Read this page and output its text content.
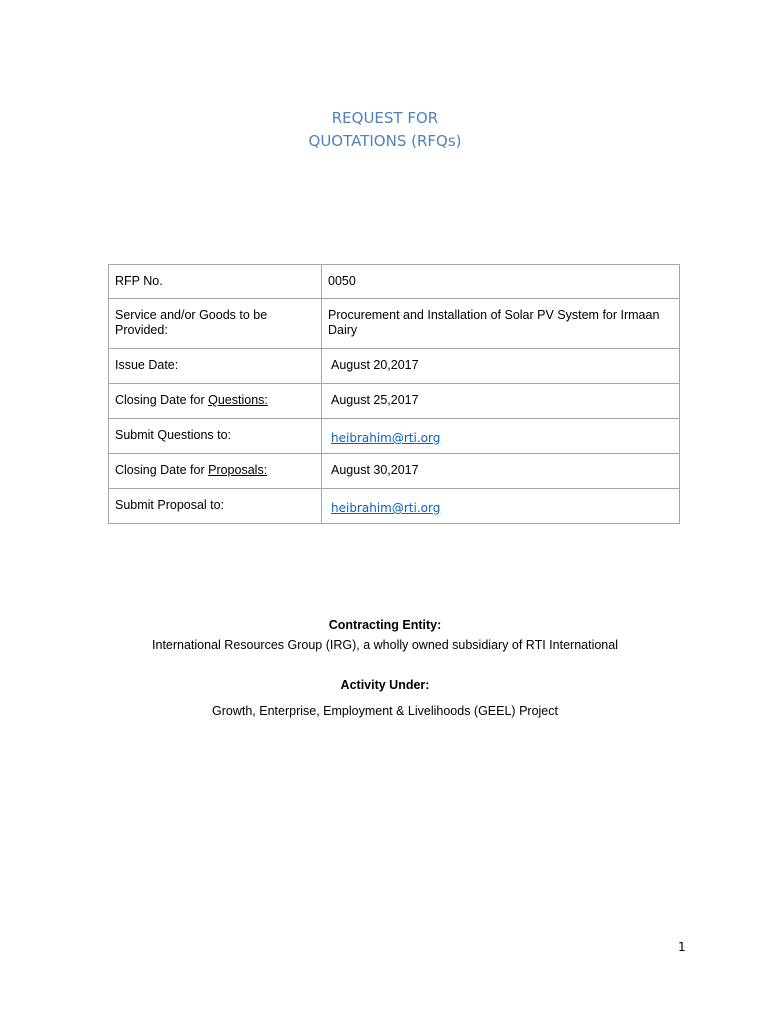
REQUEST FOR
QUOTATIONS (RFQs)
RFP No.	0050
Service and/or Goods to be Provided:	Procurement and Installation of Solar PV System for Irmaan Dairy
Issue Date:	August 20,2017
Closing Date for Questions:	August 25,2017
Submit Questions to:	heibrahim@rti.org
Closing Date for Proposals:	August 30,2017
Submit Proposal to:	heibrahim@rti.org
Contracting Entity:
International Resources Group (IRG), a wholly owned subsidiary of RTI International
Activity Under:
Growth, Enterprise, Employment & Livelihoods (GEEL) Project
1
